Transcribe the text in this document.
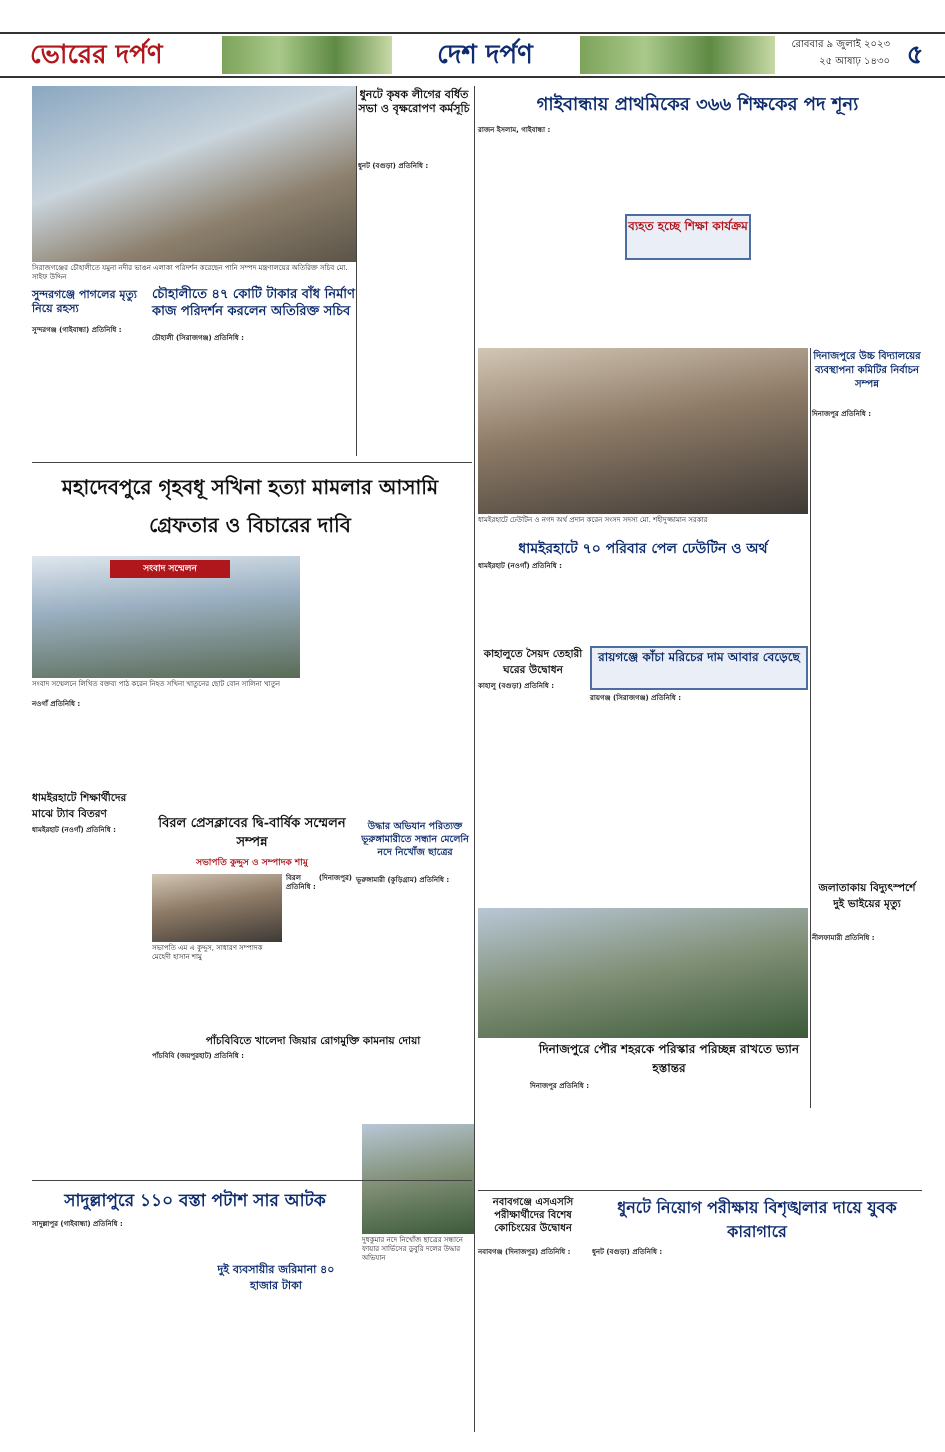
ভোরের দর্পণ	দেশ দর্পণ	রোববার ৯ জুলাই ২০২৩
২৫ আষাঢ় ১৪৩০ ৫
সিরাজগঞ্জের চৌহালীতে যমুনা নদীর ভাঙন এলাকা পরিদর্শন করেছেন পানি সম্পদ মন্ত্রণালয়ের অতিরিক্ত সচিব মো. সাইফ উদ্দিন
ধুনটে কৃষক লীগের বর্ধিত সভা ও বৃক্ষরোপণ কর্মসূচি
ধুনট (বগুড়া) প্রতিনিধি :
সুন্দরগঞ্জে পাগলের মৃত্যু নিয়ে রহস্য
সুন্দরগঞ্জ (গাইবান্ধা) প্রতিনিধি :
চৌহালীতে ৪৭ কোটি টাকার বাঁধ নির্মাণ কাজ পরিদর্শন করলেন অতিরিক্ত সচিব
চৌহালী (সিরাজগঞ্জ) প্রতিনিধি :
গাইবান্ধায় প্রাথমিকের ৩৬৬ শিক্ষকের পদ শূন্য
রাজন ইসলাম, গাইবান্ধা :
ব্যহত হচ্ছে শিক্ষা কার্যক্রম
ধামইরহাটে ঢেউটিন ও নগদ অর্থ প্রদান করেন সংসদ সদস্য মো. শহীদুজ্জামান সরকার
দিনাজপুরে উচ্চ বিদ্যালয়ের ব্যবস্থাপনা কমিটির নির্বাচন সম্পন্ন
দিনাজপুর প্রতিনিধি :
মহাদেবপুরে গৃহবধূ সখিনা হত্যা মামলার আসামি গ্রেফতার ও বিচারের দাবি
সংবাদ সম্মেলন
সংবাদ সম্মেলনে লিখিত বক্তব্য পাঠ করেন নিহত সখিনা খাতুনের ছোট বোন সালিনা খাতুন
নওগাঁ প্রতিনিধি :
ধামইরহাটে ৭০ পরিবার পেল ঢেউটিন ও অর্থ
ধামইরহাট (নওগাঁ) প্রতিনিধি :
কাহালুতে সৈয়দ তেহারী ঘরের উদ্বোধন
কাহালু (বগুড়া) প্রতিনিধি :
রায়গঞ্জে কাঁচা মরিচের দাম আবার বেড়েছে
রায়গঞ্জ (সিরাজগঞ্জ) প্রতিনিধি :
ধামইরহাটে শিক্ষার্থীদের মাঝে ট্যাব বিতরণ
ধামইরহাট (নওগাঁ) প্রতিনিধি :	বিরল প্রেসক্লাবের দ্বি-বার্ষিক সম্মেলন সম্পন্ন
সভাপতি কুদ্দুস ও সম্পাদক শামু
সভাপতি এম এ কুদ্দুস, সাধারণ সম্পাদক মেহেদী হাসান শামু
বিরল (দিনাজপুর) প্রতিনিধি :
উদ্ধার অভিযান পরিত্যক্ত ভূরুঙ্গামারীতে সন্ধান মেলেনি নদে নিখোঁজ ছাত্রের
ভূরুঙ্গামারী (কুড়িগ্রাম) প্রতিনিধি :
জলাতাকায় বিদ্যুৎস্পর্শে দুই ভাইয়ের মৃত্যু
নীলফামারী প্রতিনিধি :
পাঁচবিবিতে খালেদা জিয়ার রোগমুক্তি কামনায় দোয়া
পাঁচবিবি (জয়পুরহাট) প্রতিনিধি :	দিনাজপুরে পৌর শহরকে পরিস্কার পরিচ্ছন্ন রাখতে ভ্যান হস্তান্তর
দিনাজপুর প্রতিনিধি :
সাদুল্লাপুরে ১১০ বস্তা পটাশ সার আটক
সাদুল্লাপুর (গাইবান্ধা) প্রতিনিধি :
দুই ব্যবসায়ীর জরিমানা ৪০ হাজার টাকা
দুধকুমার নদে নিখোঁজ ছাত্রের সন্ধানে ফায়ার সার্ভিসের ডুবুরি দলের উদ্ধার অভিযান
নবাবগঞ্জে এসএসসি পরীক্ষার্থীদের বিশেষ কোচিংয়ের উদ্বোধন
নবাবগঞ্জ (দিনাজপুর) প্রতিনিধি :
ধুনটে নিয়োগ পরীক্ষায় বিশৃঙ্খলার দায়ে যুবক কারাগারে
ধুনট (বগুড়া) প্রতিনিধি :
